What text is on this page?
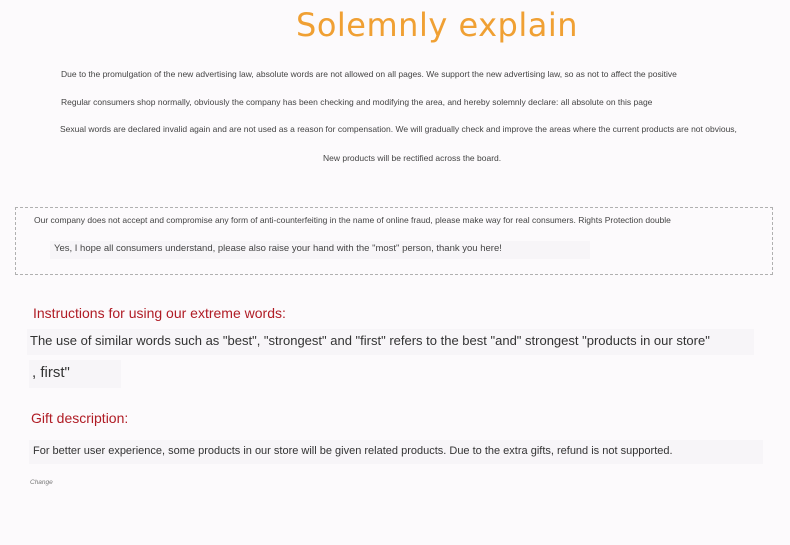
Solemnly explain
Due to the promulgation of the new advertising law, absolute words are not allowed on all pages. We support the new advertising law, so as not to affect the positive
Regular consumers shop normally, obviously the company has been checking and modifying the area, and hereby solemnly declare: all absolute on this page
Sexual words are declared invalid again and are not used as a reason for compensation. We will gradually check and improve the areas where the current products are not obvious,
New products will be rectified across the board.
Our company does not accept and compromise any form of anti-counterfeiting in the name of online fraud, please make way for real consumers. Rights Protection double
Yes, I hope all consumers understand, please also raise your hand with the "most" person, thank you here!
Instructions for using our extreme words:
The use of similar words such as "best", "strongest" and "first" refers to the best "and" strongest "products in our store"
, first"
Gift description:
For better user experience, some products in our store will be given related products. Due to the extra gifts, refund is not supported.
Change
